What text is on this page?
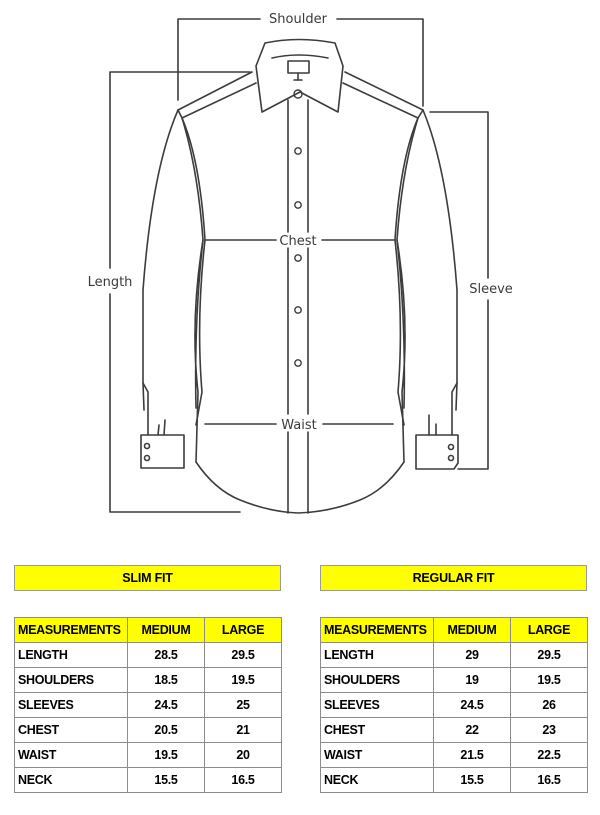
Shoulder
Length	Sleeve
Chest
Waist
SLIM FIT
MEASUREMENTS	MEDIUM	LARGE
LENGTH	28.5	29.5
SHOULDERS	18.5	19.5
SLEEVES	24.5	25
CHEST	20.5	21
WAIST	19.5	20
NECK	15.5	16.5
REGULAR FIT
MEASUREMENTS	MEDIUM	LARGE
LENGTH	29	29.5
SHOULDERS	19	19.5
SLEEVES	24.5	26
CHEST	22	23
WAIST	21.5	22.5
NECK	15.5	16.5
